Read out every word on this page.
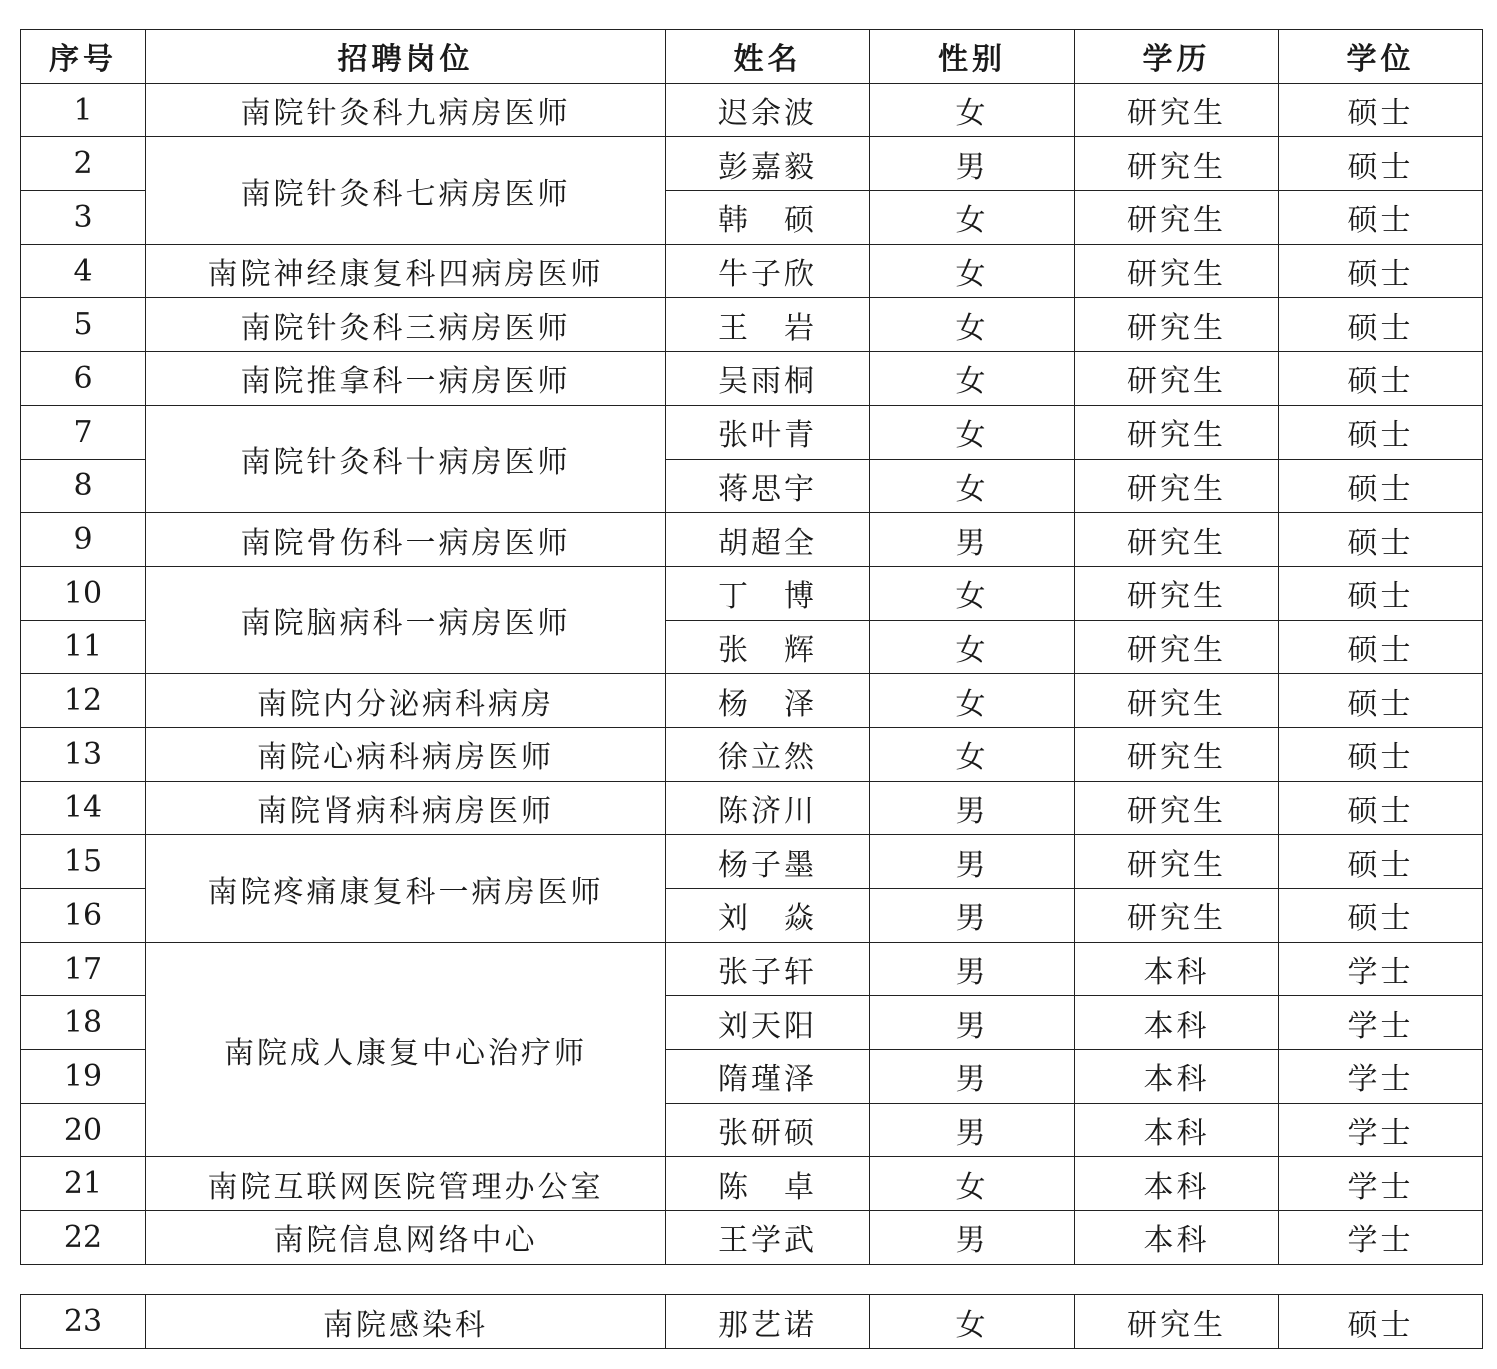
序号	招聘岗位	姓名	性别	学历	学位
1	南院针灸科九病房医师	迟余波	女	研究生	硕士
2	南院针灸科七病房医师	彭嘉毅	男	研究生	硕士
3		韩　硕	女	研究生	硕士
4	南院神经康复科四病房医师	牛子欣	女	研究生	硕士
5	南院针灸科三病房医师	王　岩	女	研究生	硕士
6	南院推拿科一病房医师	吴雨桐	女	研究生	硕士
7	南院针灸科十病房医师	张叶青	女	研究生	硕士
8		蒋思宇	女	研究生	硕士
9	南院骨伤科一病房医师	胡超全	男	研究生	硕士
10	南院脑病科一病房医师	丁　博	女	研究生	硕士
11		张　辉	女	研究生	硕士
12	南院内分泌病科病房	杨　泽	女	研究生	硕士
13	南院心病科病房医师	徐立然	女	研究生	硕士
14	南院肾病科病房医师	陈济川	男	研究生	硕士
15	南院疼痛康复科一病房医师	杨子墨	男	研究生	硕士
16		刘　焱	男	研究生	硕士
17	南院成人康复中心治疗师	张子轩	男	本科	学士
18		刘天阳	男	本科	学士
19		隋瑾泽	男	本科	学士
20		张研硕	男	本科	学士
21	南院互联网医院管理办公室	陈　卓	女	本科	学士
22	南院信息网络中心	王学武	男	本科	学士
23	南院感染科	那艺诺	女	研究生	硕士
